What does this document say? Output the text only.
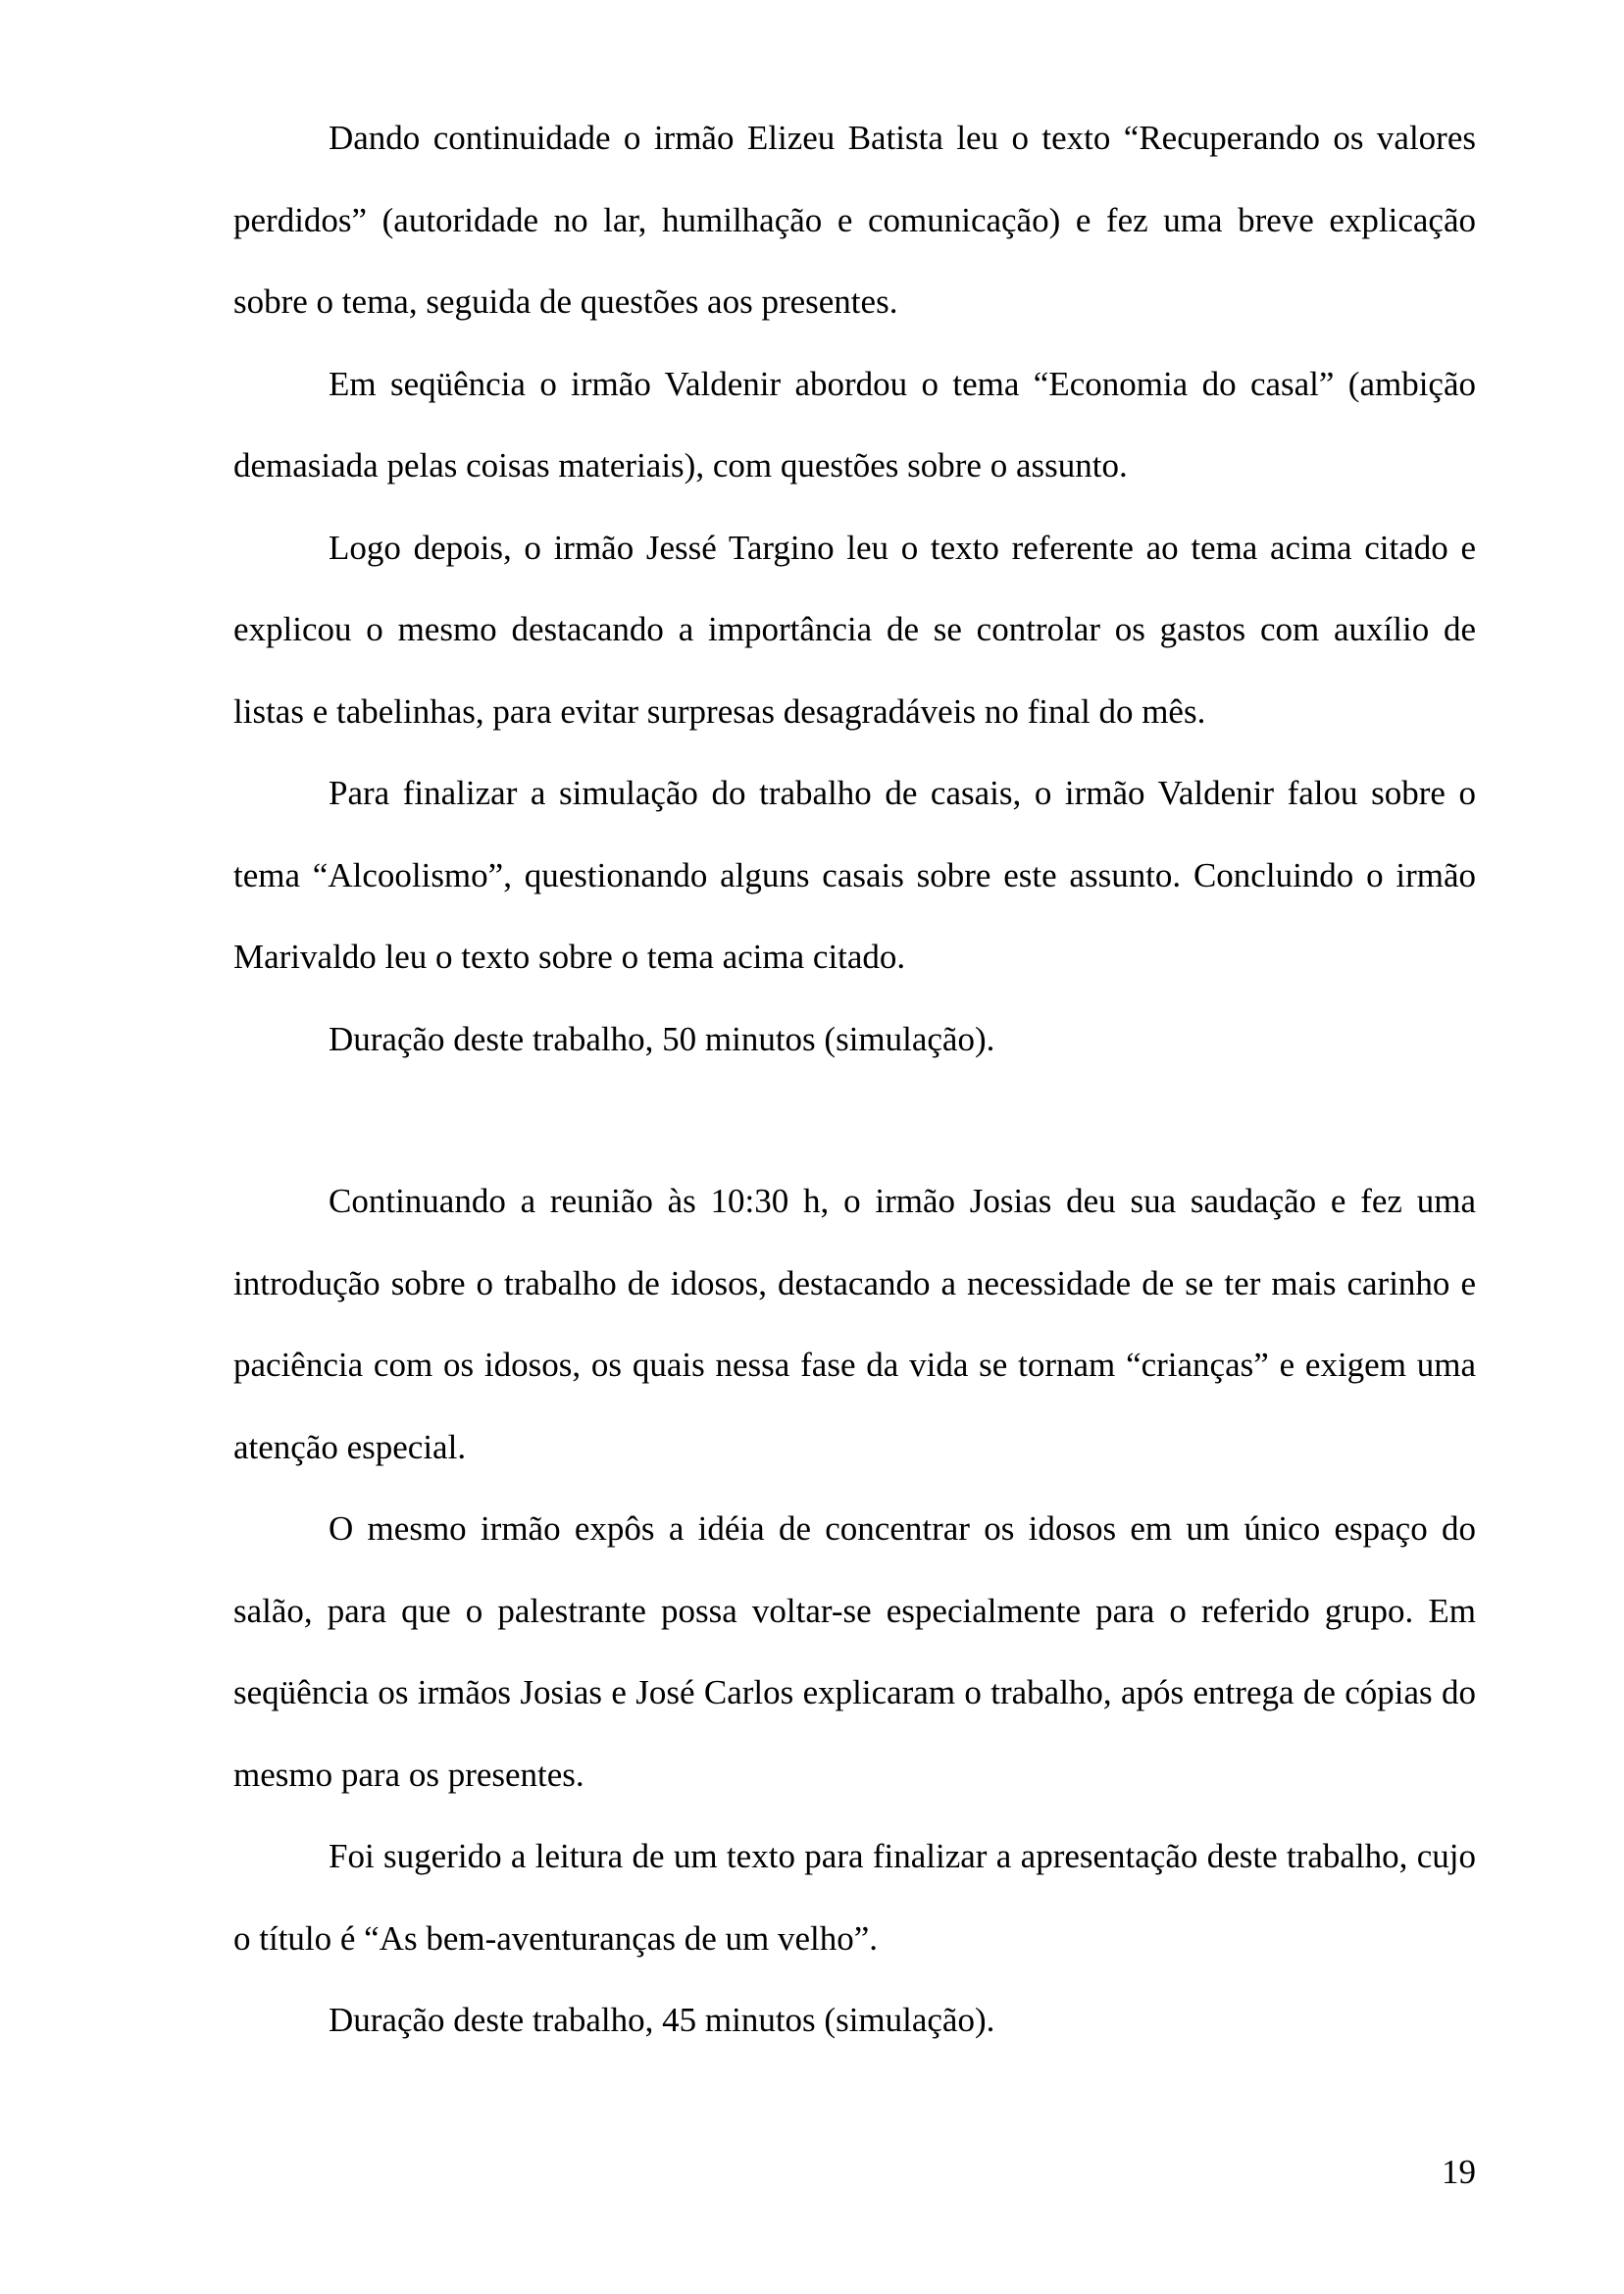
Dando continuidade o irmão Elizeu Batista leu o texto “Recuperando os valores perdidos” (autoridade no lar, humilhação e comunicação) e fez uma breve explicação sobre o tema, seguida de questões aos presentes.

Em seqüência o irmão Valdenir abordou o tema “Economia do casal” (ambição demasiada pelas coisas materiais), com questões sobre o assunto.

Logo depois, o irmão Jessé Targino leu o texto referente ao tema acima citado e explicou o mesmo destacando a importância de se controlar os gastos com auxílio de listas e tabelinhas, para evitar surpresas desagradáveis no final do mês.

Para finalizar a simulação do trabalho de casais, o irmão Valdenir falou sobre o tema “Alcoolismo”, questionando alguns casais sobre este assunto. Concluindo o irmão Marivaldo leu o texto sobre o tema acima citado.

Duração deste trabalho, 50 minutos (simulação).

Continuando a reunião às 10:30 h, o irmão Josias deu sua saudação e fez uma introdução sobre o trabalho de idosos, destacando a necessidade de se ter mais carinho e paciência com os idosos, os quais nessa fase da vida se tornam “crianças” e exigem uma atenção especial.

O mesmo irmão expôs a idéia de concentrar os idosos em um único espaço do salão, para que o palestrante possa voltar-se especialmente para o referido grupo. Em seqüência os irmãos Josias e José Carlos explicaram o trabalho, após entrega de cópias do mesmo para os presentes.

Foi sugerido a leitura de um texto para finalizar a apresentação deste trabalho, cujo o título é “As bem-aventuranças de um velho”.

Duração deste trabalho, 45 minutos (simulação).

19
